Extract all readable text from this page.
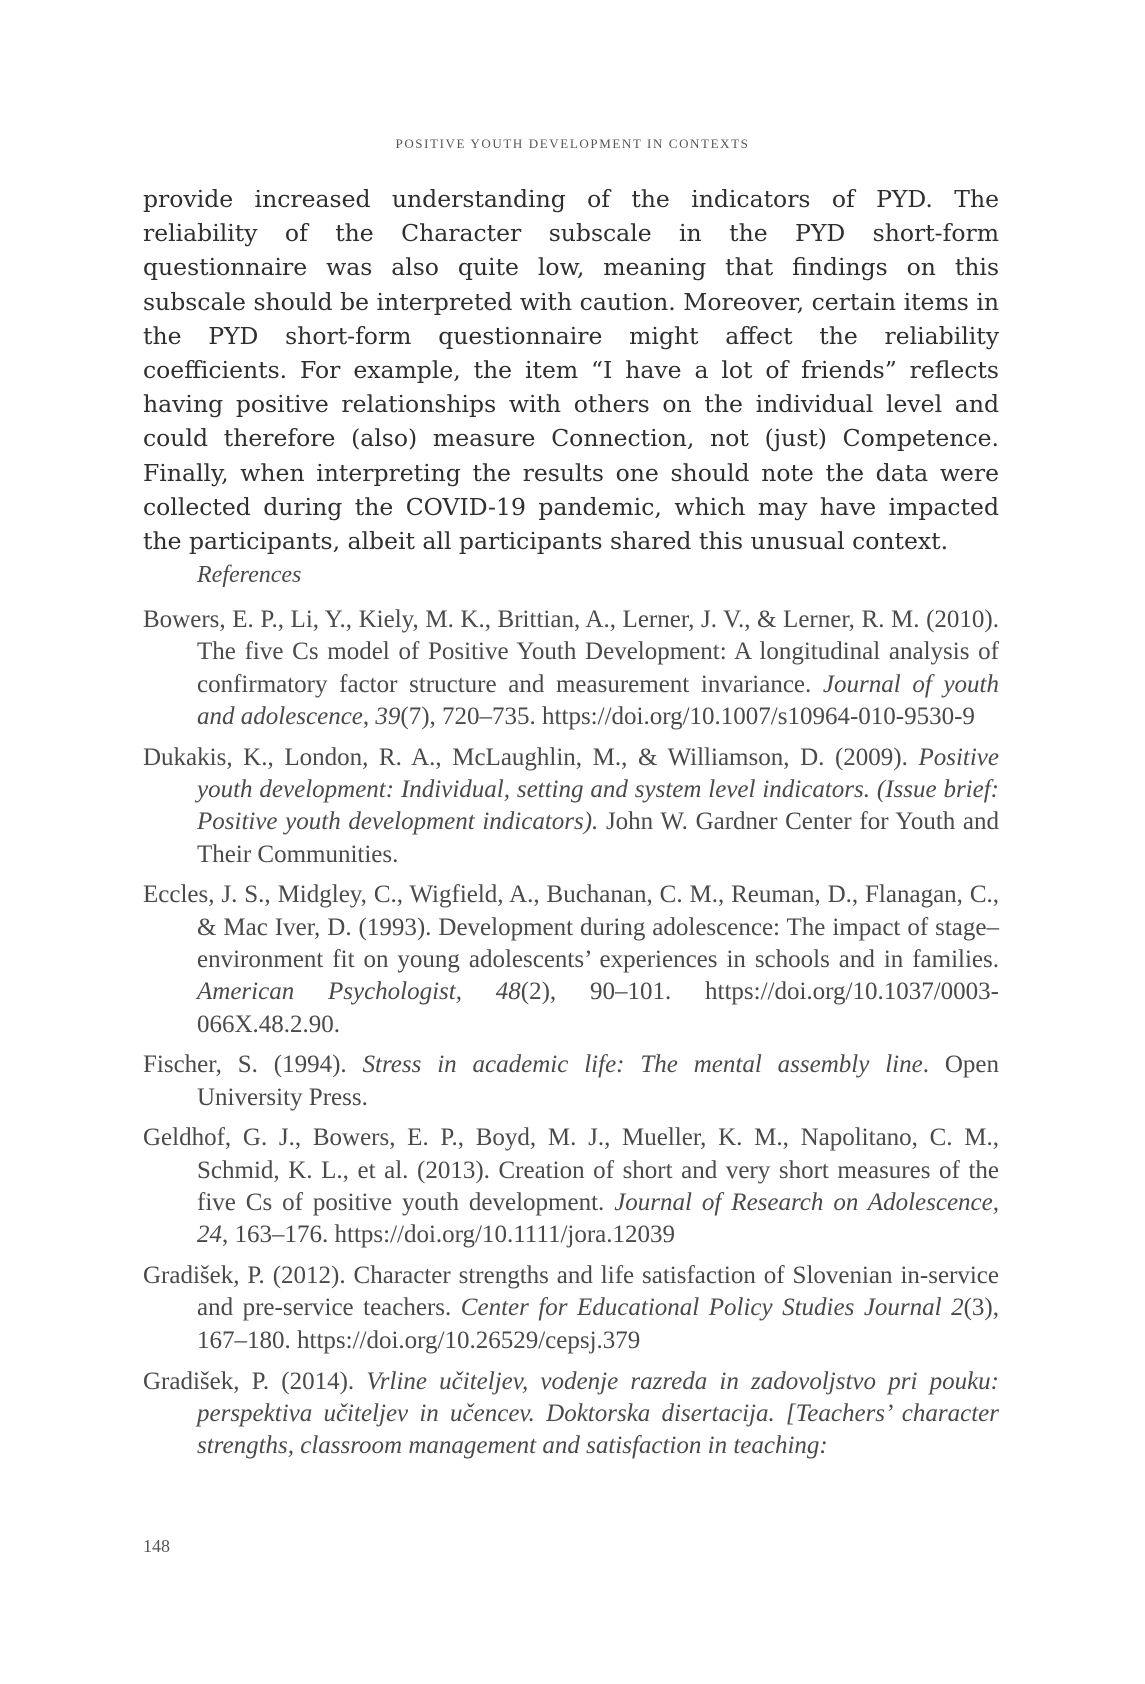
POSITIVE YOUTH DEVELOPMENT IN CONTEXTS

provide increased understanding of the indicators of PYD. The reliability of the Character subscale in the PYD short-form questionnaire was also quite low, meaning that findings on this subscale should be interpreted with caution. Moreover, certain items in the PYD short-form questionnaire might affect the reliability coefficients. For example, the item “I have a lot of friends” reflects having positive relationships with others on the individual level and could therefore (also) measure Connection, not (just) Competence. Finally, when interpreting the results one should note the data were collected during the COVID-19 pandemic, which may have impacted the participants, albeit all participants shared this unusual context.

References
Bowers, E. P., Li, Y., Kiely, M. K., Brittian, A., Lerner, J. V., & Lerner, R. M. (2010). The five Cs model of Positive Youth Development: A longitudinal analysis of confirmatory factor structure and measurement invariance. Journal of youth and adolescence, 39(7), 720–735. https://doi.org/10.1007/s10964-010-9530-9
Dukakis, K., London, R. A., McLaughlin, M., & Williamson, D. (2009). Positive youth development: Individual, setting and system level indicators. (Issue brief: Positive youth development indicators). John W. Gardner Center for Youth and Their Communities.
Eccles, J. S., Midgley, C., Wigfield, A., Buchanan, C. M., Reuman, D., Flanagan, C., & Mac Iver, D. (1993). Development during adolescence: The impact of stage–environment fit on young adolescents’ experiences in schools and in families. American Psychologist, 48(2), 90–101. https://doi.org/10.1037/0003-066X.48.2.90.
Fischer, S. (1994). Stress in academic life: The mental assembly line. Open University Press.
Geldhof, G. J., Bowers, E. P., Boyd, M. J., Mueller, K. M., Napolitano, C. M., Schmid, K. L., et al. (2013). Creation of short and very short measures of the five Cs of positive youth development. Journal of Research on Adolescence, 24, 163–176. https://doi.org/10.1111/jora.12039
Gradišek, P. (2012). Character strengths and life satisfaction of Slovenian in-service and pre-service teachers. Center for Educational Policy Studies Journal 2(3), 167–180. https://doi.org/10.26529/cepsj.379
Gradišek, P. (2014). Vrline učiteljev, vodenje razreda in zadovoljstvo pri pouku: perspektiva učiteljev in učencev. Doktorska disertacija. [Teachers’ character strengths, classroom management and satisfaction in teaching:
148
